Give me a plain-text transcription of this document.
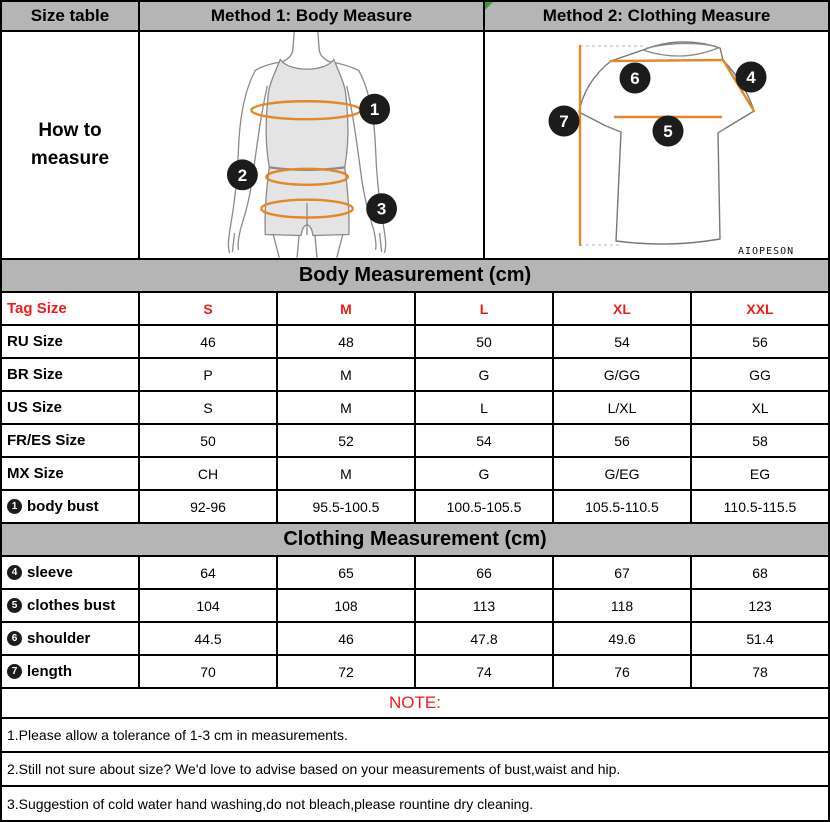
Size table	Method 1: Body Measure	Method 2: Clothing Measure
How to measure
1
2
3
6	4
7
5
AIOPESON
Body Measurement (cm)
Tag Size	S	M	L	XL	XXL
RU Size	46	48	50	54	56
BR Size	P	M	G	G/GG	GG
US Size	S	M	L	L/XL	XL
FR/ES Size	50	52	54	56	58
MX Size	CH	M	G	G/EG	EG
1 body bust	92-96	95.5-100.5	100.5-105.5	105.5-110.5	110.5-115.5
Clothing Measurement (cm)
4 sleeve	64	65	66	67	68
5 clothes bust	104	108	113	118	123
6 shoulder	44.5	46	47.8	49.6	51.4
7 length	70	72	74	76	78
NOTE:
1.Please allow a tolerance of 1-3 cm in measurements.
2.Still not sure about size? We'd love to advise based on your measurements of bust,waist and hip.
3.Suggestion of cold water hand washing,do not bleach,please rountine dry cleaning.
